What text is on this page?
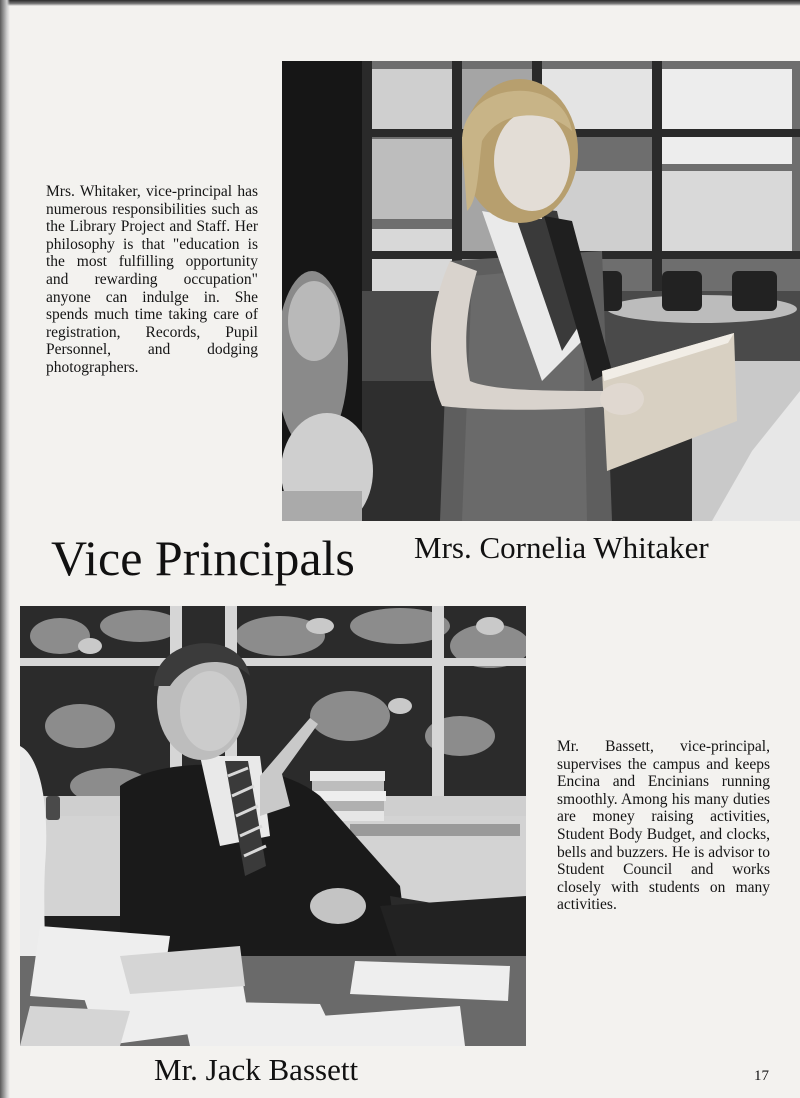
Mrs. Whitaker, vice-principal has numerous responsibilities such as the Library Project and Staff. Her philosophy is that "education is the most fulfilling opportunity and rewarding occupation" anyone can indulge in. She spends much time taking care of registration, Records, Pupil Personnel, and dodging photographers.

Vice Principals Mrs. Cornelia Whitaker

Mr. Bassett, vice-principal, supervises the campus and keeps Encina and Encinians running smoothly. Among his many duties are money raising activities, Student Body Budget, and clocks, bells and buzzers. He is advisor to Student Council and works closely with students on many activities.

Mr. Jack Bassett	17
